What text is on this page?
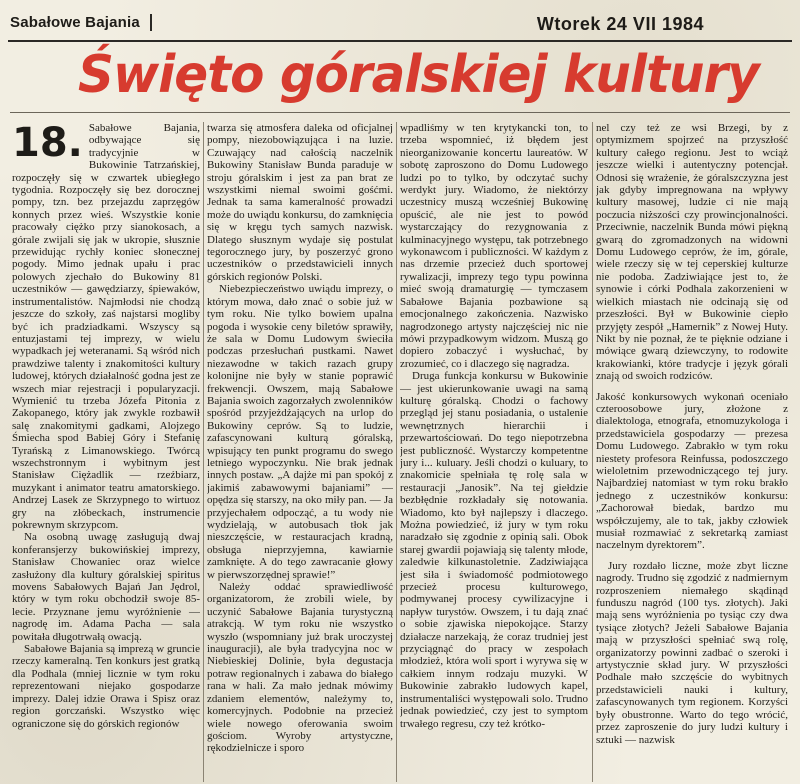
Sabałowe Bajania	Wtorek 24 VII 1984
Święto góralskiej kultury
18. Sabałowe Bajania, odbywające się tradycyjnie w Bukowinie Tatrzańskiej, rozpoczęły się w czwartek ubiegłego tygodnia. Rozpoczęły się bez dorocznej pompy, tzn. bez przejazdu zaprzęgów konnych przez wieś. Wszystkie konie pracowały ciężko przy sianokosach, a górale zwijali się jak w ukropie, słusznie przewidując rychły koniec słonecznej pogody. Mimo jednak upału i prac polowych zjechało do Bukowiny 81 uczestników — gawędziarzy, śpiewaków, instrumentalistów. Najmłodsi nie chodzą jeszcze do szkoły, zaś najstarsi mogliby być ich pradziadkami. Wszyscy są entuzjastami tej imprezy, w wielu wypadkach jej weteranami. Są wśród nich prawdziwe talenty i znakomitości kultury ludowej, których działalność godna jest ze wszech miar rejestracji i popularyzacji. Wymienić tu trzeba Józefa Pitonia z Zakopanego, który jak zwykle rozbawił salę znakomitymi gadkami, Alojzego Śmiecha spod Babiej Góry i Stefanię Tyrańską z Limanowskiego. Twórcą wszechstronnym i wybitnym jest Stanisław Ciężadlik — rzeźbiarz, muzykant i animator teatru amatorskiego. Andrzej Lasek ze Skrzypnego to wirtuoz gry na złóbeckach, instrumencie pokrewnym skrzypcom.

Na osobną uwagę zasługują dwaj konferansjerzy bukowińskiej imprezy, Stanisław Chowaniec oraz wielce zasłużony dla kultury góralskiej spiritus movens Sabałowych Bajań Jan Jędrol, który w tym roku obchodził swoje 85-lecie. Przyznane jemu wyróżnienie — nagrodę im. Adama Pacha — sala powitała długotrwałą owacją.

Sabałowe Bajania są imprezą w gruncie rzeczy kameralną. Ten konkurs jest gratką dla Podhala (mniej licznie w tym roku reprezentowani niejako gospodarze imprezy. Dalej idzie Orawa i Spisz oraz region gorczański. Wszystko więc ograniczone się do górskich regionów

twarza się atmosfera daleka od oficjalnej pompy, niezobowiązująca i na luzie. Czuwający nad całością naczelnik Bukowiny Stanisław Bunda paraduje w stroju góralskim i jest za pan brat ze wszystkimi niemal swoimi gośćmi. Jednak ta sama kameralność prowadzi może do uwiądu konkursu, do zamknięcia się w kręgu tych samych nazwisk. Dlatego słusznym wydaje się postulat tegorocznego jury, by poszerzyć grono uczestników o przedstawicieli innych górskich regionów Polski.

Niebezpieczeństwo uwiądu imprezy, o którym mowa, dało znać o sobie już w tym roku. Nie tylko bowiem upalna pogoda i wysokie ceny biletów sprawiły, że sala w Domu Ludowym świeciła podczas przesłuchań pustkami. Nawet niezawodne w takich razach grupy kolonijne nie były w stanie poprawić frekwencji. Owszem, mają Sabałowe Bajania swoich zagorzałych zwolenników spośród przyjeżdżających na urlop do Bukowiny ceprów. Są to ludzie, zafascynowani kulturą góralską, wpisujący ten punkt programu do swego letniego wypoczynku. Nie brak jednak innych postaw. „A dajże mi pan spokój z jakimiś zabawowymi bajaniami” — opędza się starszy, na oko miły pan. — Ja przyjechałem odpocząć, a tu wody nie wydzielają, w autobusach tłok jak nieszczęście, w restauracjach kradną, obsługa nieprzyjemna, kawiarnie zamknięte. A do tego zawracanie głowy w pierwszorzędnej sprawie!”

Należy oddać sprawiedliwość organizatorom, że zrobili wiele, by uczynić Sabałowe Bajania turystyczną atrakcją. W tym roku nie wszystko wyszło (wspomniany już brak uroczystej inauguracji), ale była tradycyjna noc w Niebieskiej Dolinie, była degustacja potraw regionalnych i zabawa do białego rana w hali. Za mało jednak mówimy zdaniem elementów, należymy to, komercyjnych. Podobnie na przecież wiele nowego oferowania swoim gościom. Wyroby artystyczne, rękodzielnicze i sporo

wpadliśmy w ten krytykancki ton, to trzeba wspomnieć, iż błędem jest nieorganizowanie koncertu laureatów. W sobotę zaproszono do Domu Ludowego ludzi po to tylko, by odczytać suchy werdykt jury. Wiadomo, że niektórzy uczestnicy muszą wcześniej Bukowinę opuścić, ale nie jest to powód wystarczający do rezygnowania z kulminacyjnego występu, tak potrzebnego wykonawcom i publiczności. W każdym z nas drzemie przecież duch sportowej rywalizacji, imprezy tego typu powinna mieć swoją dramaturgię — tymczasem Sabałowe Bajania pozbawione są emocjonalnego zakończenia. Nazwisko nagrodzonego artysty najczęściej nic nie mówi przypadkowym widzom. Muszą go dopiero zobaczyć i wysłuchać, by zrozumieć, co i dlaczego się nagradza.

Druga funkcja konkursu w Bukowinie — jest ukierunkowanie uwagi na samą kulturę góralską. Chodzi o fachowy przegląd jej stanu posiadania, o ustalenie wewnętrznych hierarchii i przewartościowań. Do tego niepotrzebna jest publiczność. Wystarczy kompetentne jury i... kuluary. Jeśli chodzi o kuluary, to znakomicie spełniała tę rolę sala w restauracji „Janosik”. Na tej giełdzie bezbłędnie rozkładały się notowania. Wiadomo, kto był najlepszy i dlaczego. Można powiedzieć, iż jury w tym roku naradzało się zgodnie z opinią sali. Obok starej gwardii pojawiają się talenty młode, zaledwie kilkunastoletnie. Zadziwiająca jest siła i świadomość podmiotowego przecież procesu kulturowego, podmywanej procesy cywilizacyjne i napływ turystów. Owszem, i tu dają znać o sobie zjawiska niepokojące. Starzy działacze narzekają, że coraz trudniej jest przyciągnąć do pracy w zespołach młodzież, która woli sport i wyrywa się w całkiem innym rodzaju muzyki. W Bukowinie zabrakło ludowych kapel, instrumentaliści występowali solo. Trudno jednak powiedzieć, czy jest to symptom trwałego regresu, czy też krótko-

nel czy też ze wsi Brzegi, by z optymizmem spojrzeć na przyszłość kultury całego regionu. Jest to wciąż jeszcze wielki i autentyczny potencjał. Odnosi się wrażenie, że góralszczyzna jest jak gdyby impregnowana na wpływy kultury masowej, ludzie ci nie mają poczucia niższości czy prowincjonalności. Przeciwnie, naczelnik Bunda mówi piękną gwarą do zgromadzonych na widowni Domu Ludowego ceprów, że im, górale, wiele rzeczy się w tej ceperskiej kulturze nie podoba. Zadziwiające jest to, że synowie i córki Podhala zakorzenieni w wielkich miastach nie odcinają się od przeszłości. Był w Bukowinie ciepło przyjęty zespół „Hamernik” z Nowej Huty. Nikt by nie poznał, że te pięknie odziane i mówiące gwarą dziewczyny, to rodowite krakowianki, które tradycje i język górali znają od swoich rodziców.

Jakość konkursowych wykonań oceniało czteroosobowe jury, złożone z dialektologa, etnografa, etnomuzykologa i przedstawiciela gospodarzy — prezesa Domu Ludowego. Zabrakło w tym roku niestety profesora Reinfussa, podoszczego wieloletnim przewodniczącego tej jury. Najbardziej natomiast w tym roku brakło jednego z uczestników konkursu: „Zachorował biedak, bardzo mu współczujemy, ale to tak, jakby człowiek musiał rozmawiać z sekretarką zamiast naczelnym dyrektorem”.

Jury rozdało liczne, może zbyt liczne nagrody. Trudno się zgodzić z nadmiernym rozproszeniem niemałego skądinąd funduszu nagród (100 tys. złotych). Jaki mają sens wyróżnienia po tysiąc czy dwa tysiące złotych? Jeżeli Sabałowe Bajania mają w przyszłości spełniać swą rolę, organizatorzy powinni zadbać o szeroki i artystycznie skład jury. W przyszłości Podhale mało szczęście do wybitnych przedstawicieli nauki i kultury, zafascynowanych tym regionem. Korzyści były obustronne. Warto do tego wrócić, przez zaproszenie do jury ludzi kultury i sztuki — nazwisk
